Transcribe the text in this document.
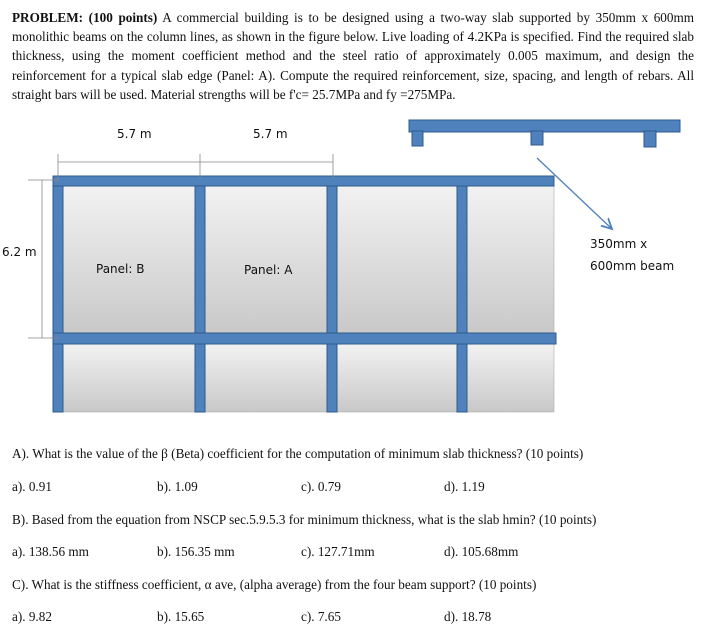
PROBLEM: (100 points) A commercial building is to be designed using a two-way slab supported by 350mm x 600mm monolithic beams on the column lines, as shown in the figure below. Live loading of 4.2KPa is specified. Find the required slab thickness, using the moment coefficient method and the steel ratio of approximately 0.005 maximum, and design the reinforcement for a typical slab edge (Panel: A). Compute the required reinforcement, size, spacing, and length of rebars. All straight bars will be used. Material strengths will be f'c= 25.7MPa and fy =275MPa.
5.7 m	5.7 m
6.2 m
Panel: B	Panel: A
350mm x
600mm beam
A). What is the value of the β (Beta) coefficient for the computation of minimum slab thickness? (10 points)
a). 0.91	b). 1.09	c). 0.79	d). 1.19
B). Based from the equation from NSCP sec.5.9.5.3 for minimum thickness, what is the slab hmin? (10 points)
a). 138.56 mm	b). 156.35 mm	c). 127.71mm	d). 105.68mm
C). What is the stiffness coefficient, α ave, (alpha average) from the four beam support? (10 points)
a). 9.82	b). 15.65	c). 7.65	d). 18.78
